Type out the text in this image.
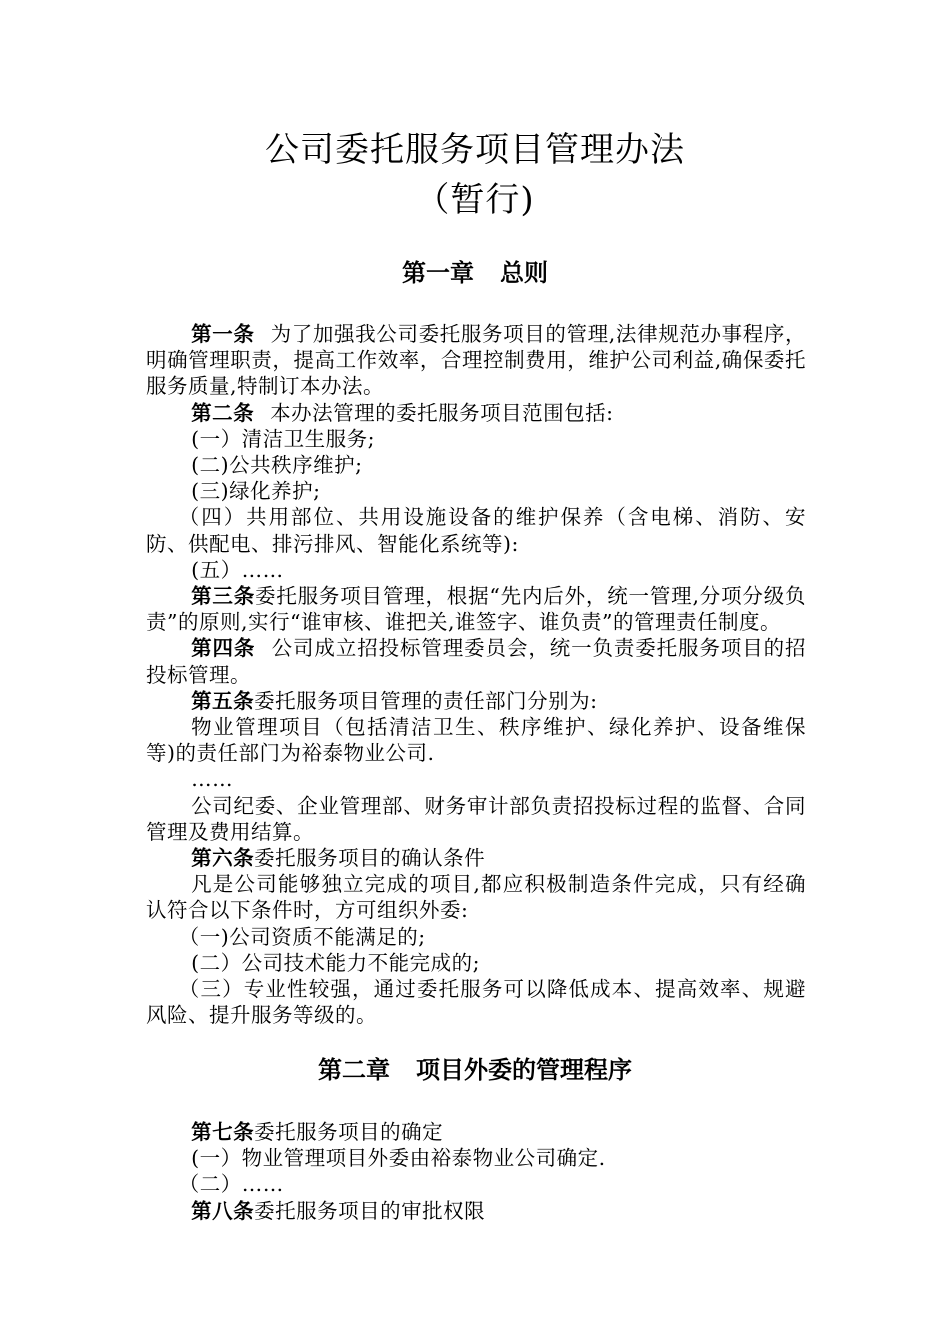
公司委托服务项目管理办法
（暂行)
第一章 总则

第一条 为了加强我公司委托服务项目的管理,法律规范办事程序，明确管理职责，提高工作效率，合理控制费用，维护公司利益,确保委托服务质量,特制订本办法。

第二条 本办法管理的委托服务项目范围包括:

(一）清洁卫生服务;

(二)公共秩序维护;

(三)绿化养护;

（四）共用部位、共用设施设备的维护保养（含电梯、消防、安防、供配电、排污排风、智能化系统等):

(五）……

第三条委托服务项目管理，根据“先内后外，统一管理,分项分级负责”的原则,实行“谁审核、谁把关,谁签字、谁负责”的管理责任制度。

第四条 公司成立招投标管理委员会，统一负责委托服务项目的招投标管理。

第五条委托服务项目管理的责任部门分别为:

物业管理项目（包括清洁卫生、秩序维护、绿化养护、设备维保等)的责任部门为裕泰物业公司.

……

公司纪委、企业管理部、财务审计部负责招投标过程的监督、合同管理及费用结算。

第六条委托服务项目的确认条件

凡是公司能够独立完成的项目,都应积极制造条件完成，只有经确认符合以下条件时，方可组织外委:

（一)公司资质不能满足的;

(二）公司技术能力不能完成的;

（三）专业性较强，通过委托服务可以降低成本、提高效率、规避风险、提升服务等级的。

第二章 项目外委的管理程序

第七条委托服务项目的确定

(一）物业管理项目外委由裕泰物业公司确定.

（二）……

第八条委托服务项目的审批权限
